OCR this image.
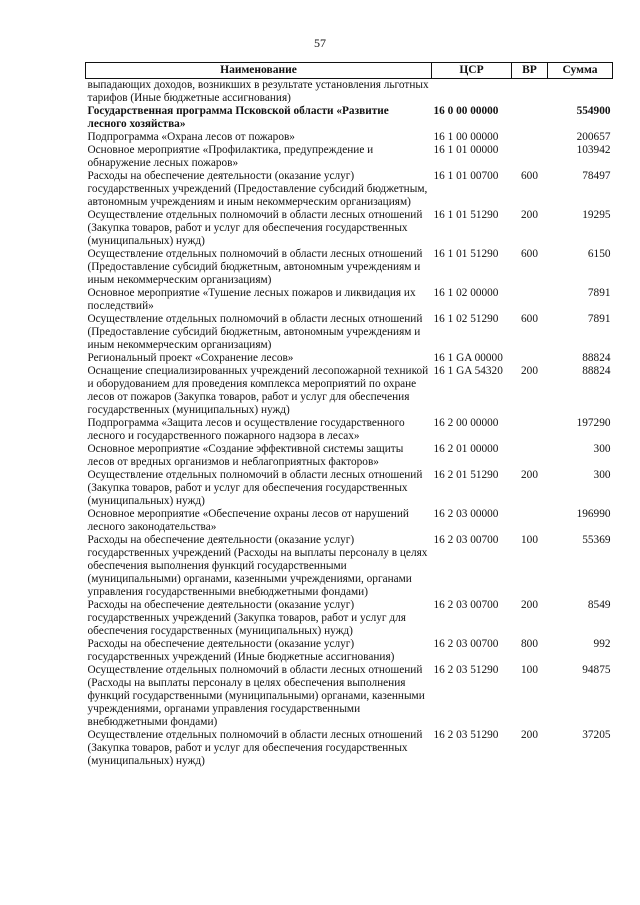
57
Наименование	ЦСР	ВР	Сумма
выпадающих доходов, возникших в результате установления льготных тарифов (Иные бюджетные ассигнования)			
Государственная программа Псковской области «Развитие лесного хозяйства»	16 0 00 00000		554900
Подпрограмма «Охрана лесов от пожаров»	16 1 00 00000		200657
Основное мероприятие «Профилактика, предупреждение и обнаружение лесных пожаров»	16 1 01 00000		103942
Расходы на обеспечение деятельности (оказание услуг) государственных учреждений (Предоставление субсидий бюджетным, автономным учреждениям и иным некоммерческим организациям)	16 1 01 00700	600	78497
Осуществление отдельных полномочий в области лесных отношений (Закупка товаров, работ и услуг для обеспечения государственных (муниципальных) нужд)	16 1 01 51290	200	19295
Осуществление отдельных полномочий в области лесных отношений (Предоставление субсидий бюджетным, автономным учреждениям и иным некоммерческим организациям)	16 1 01 51290	600	6150
Основное мероприятие «Тушение лесных пожаров и ликвидация их последствий»	16 1 02 00000		7891
Осуществление отдельных полномочий в области лесных отношений (Предоставление субсидий бюджетным, автономным учреждениям и иным некоммерческим организациям)	16 1 02 51290	600	7891
Региональный проект «Сохранение лесов»	16 1 GA 00000		88824
Оснащение специализированных учреждений лесопожарной техникой и оборудованием для проведения комплекса мероприятий по охране лесов от пожаров (Закупка товаров, работ и услуг для обеспечения государственных (муниципальных) нужд)	16 1 GA 54320	200	88824
Подпрограмма «Защита лесов и осуществление государственного лесного и государственного пожарного надзора в лесах»	16 2 00 00000		197290
Основное мероприятие «Создание эффективной системы защиты лесов от вредных организмов и неблагоприятных факторов»	16 2 01 00000		300
Осуществление отдельных полномочий в области лесных отношений (Закупка товаров, работ и услуг для обеспечения государственных (муниципальных) нужд)	16 2 01 51290	200	300
Основное мероприятие «Обеспечение охраны лесов от нарушений лесного законодательства»	16 2 03 00000		196990
Расходы на обеспечение деятельности (оказание услуг) государственных учреждений (Расходы на выплаты персоналу в целях обеспечения выполнения функций государственными (муниципальными) органами, казенными учреждениями, органами управления государственными внебюджетными фондами)	16 2 03 00700	100	55369
Расходы на обеспечение деятельности (оказание услуг) государственных учреждений (Закупка товаров, работ и услуг для обеспечения государственных (муниципальных) нужд)	16 2 03 00700	200	8549
Расходы на обеспечение деятельности (оказание услуг) государственных учреждений (Иные бюджетные ассигнования)	16 2 03 00700	800	992
Осуществление отдельных полномочий в области лесных отношений (Расходы на выплаты персоналу в целях обеспечения выполнения функций государственными (муниципальными) органами, казенными учреждениями, органами управления государственными внебюджетными фондами)	16 2 03 51290	100	94875
Осуществление отдельных полномочий в области лесных отношений (Закупка товаров, работ и услуг для обеспечения государственных (муниципальных) нужд)	16 2 03 51290	200	37205
